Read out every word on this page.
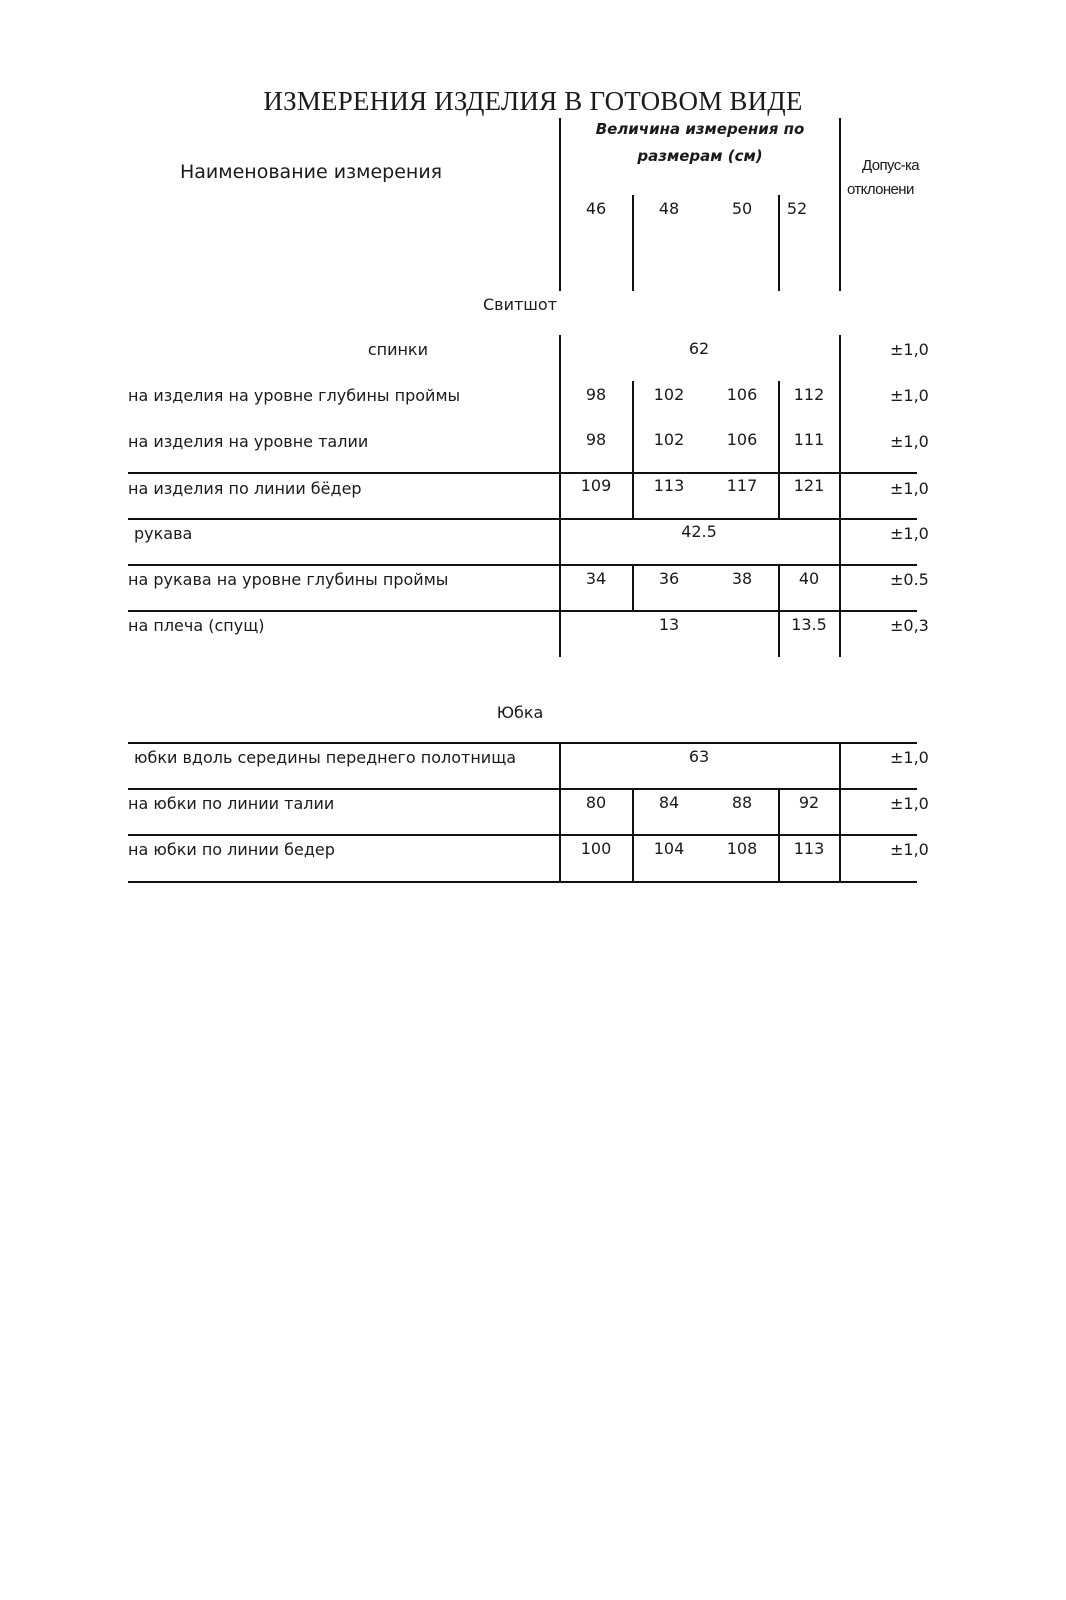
ИЗМЕРЕНИЯ ИЗДЕЛИЯ В ГОТОВОМ ВИДЕ
Наименование измерения
Величина измерения по
размерам (см)
Допус-ка
отклонени
46	48	50 52
Свитшот
спинки	62	±1,0
на изделия на уровне глубины проймы	98	102	106 112	±1,0
на изделия на уровне талии	98	102	106 111	±1,0
на изделия по линии бёдер	109	113	117 121	±1,0
рукава	42.5	±1,0
на рукава на уровне глубины проймы	34	36	38	40	±0.5
на плеча (спущ)	13	13.5	±0,3
Юбка
юбки вдоль середины переднего полотнища	63	±1,0
на юбки по линии талии	80	84	88	92	±1,0
на юбки по линии бедер	100	104	108 113	±1,0
